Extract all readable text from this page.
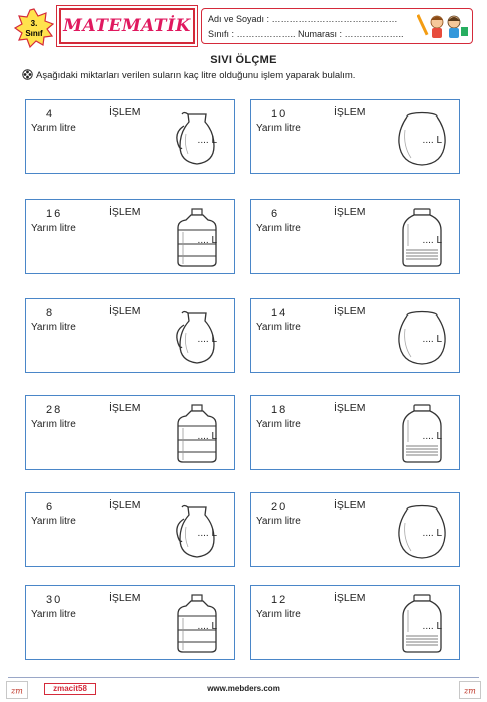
3.
Sınıf	MATEMATİK Adı ve Soyadı : ……………………………………
Sınıfı : ……………….. Numarası : ………………..
SIVI ÖLÇME
Aşağıdaki miktarları verilen suların kaç litre olduğunu işlem yaparak bulalım.
4
Yarım litre
İŞLEM
.... L
10
Yarım litre
İŞLEM
.... L
16
Yarım litre
İŞLEM
.... L
6
Yarım litre
İŞLEM
.... L
8
Yarım litre
İŞLEM
.... L
14
Yarım litre
İŞLEM
.... L
28
Yarım litre
İŞLEM
.... L
18
Yarım litre
İŞLEM
.... L
6
Yarım litre
İŞLEM
.... L
20
Yarım litre
İŞLEM
.... L
30
Yarım litre
İŞLEM
.... L
12
Yarım litre
İŞLEM
.... L
zm	zmacit58	www.mebders.com	zm
